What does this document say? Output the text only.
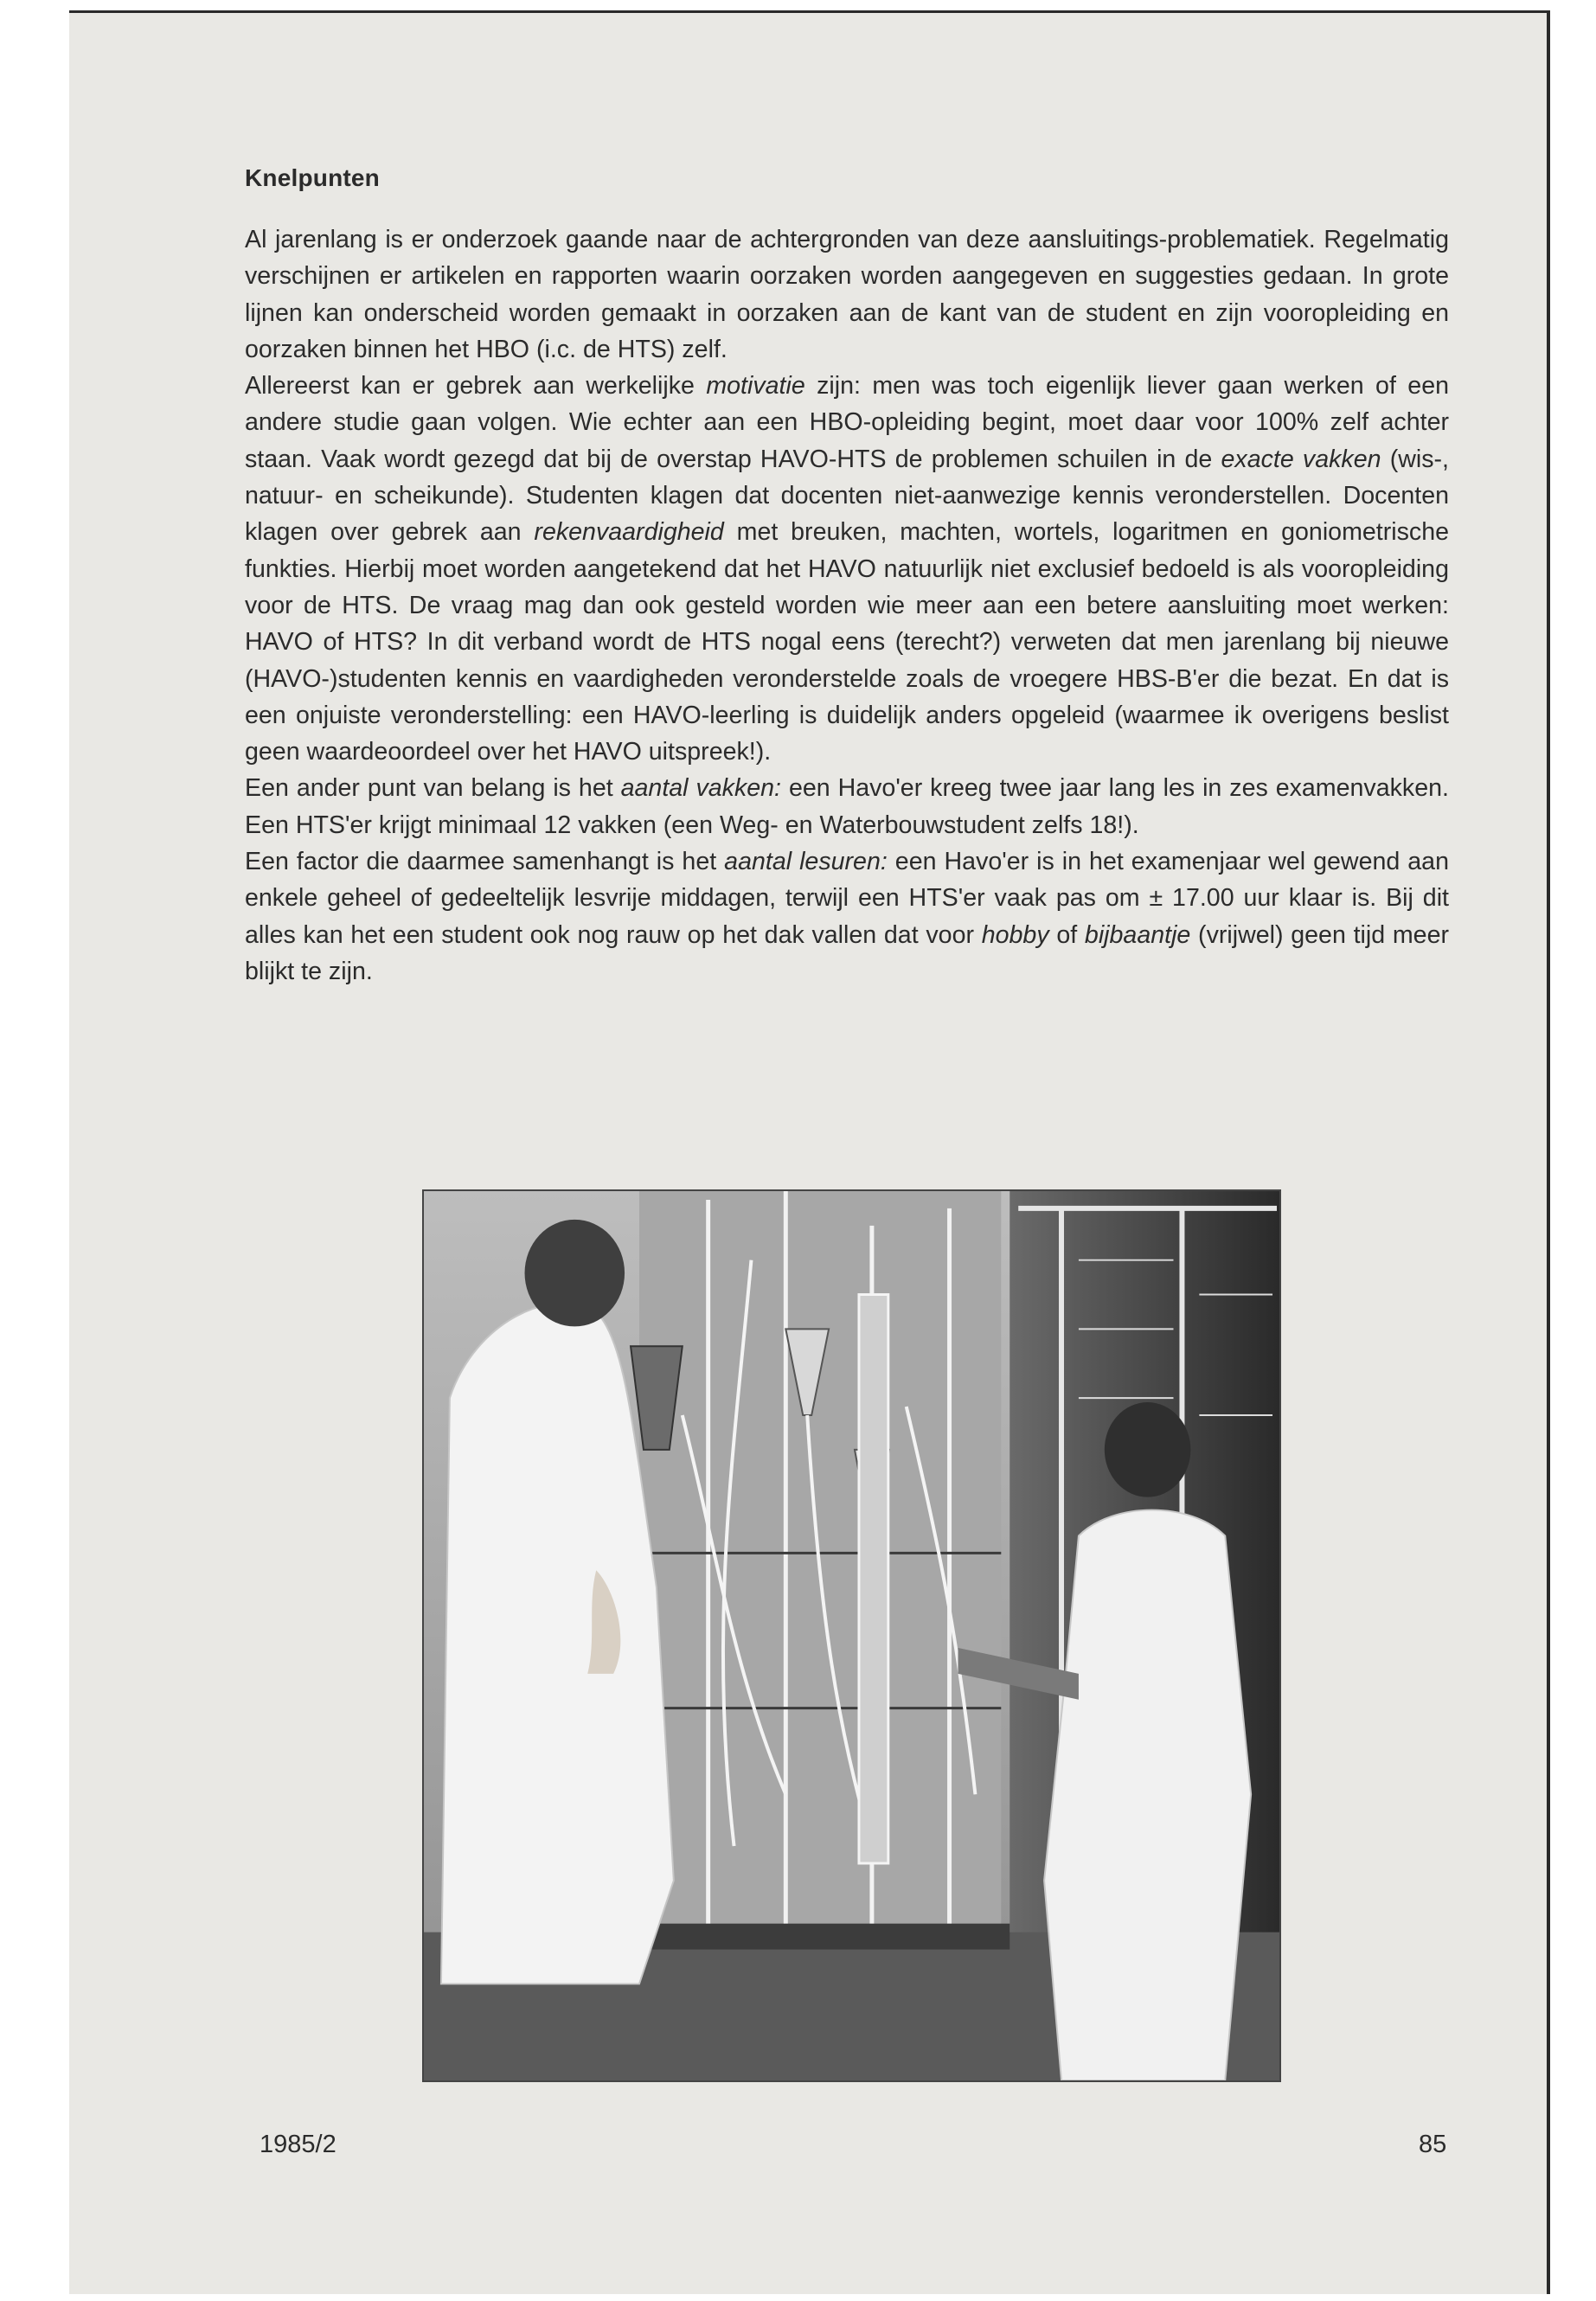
Knelpunten

Al jarenlang is er onderzoek gaande naar de achtergronden van deze aansluitings-problematiek. Regelmatig verschijnen er artikelen en rapporten waarin oorzaken worden aangegeven en suggesties gedaan. In grote lijnen kan onderscheid worden gemaakt in oorzaken aan de kant van de student en zijn vooropleiding en oorzaken binnen het HBO (i.c. de HTS) zelf.

Allereerst kan er gebrek aan werkelijke motivatie zijn: men was toch eigenlijk liever gaan werken of een andere studie gaan volgen. Wie echter aan een HBO-opleiding begint, moet daar voor 100% zelf achter staan. Vaak wordt gezegd dat bij de overstap HAVO-HTS de problemen schuilen in de exacte vakken (wis-, natuur- en scheikunde). Studenten klagen dat docenten niet-aanwezige kennis veronderstellen. Docenten klagen over gebrek aan rekenvaardigheid met breuken, machten, wortels, logaritmen en goniometrische funkties. Hierbij moet worden aangetekend dat het HAVO natuurlijk niet exclusief bedoeld is als vooropleiding voor de HTS. De vraag mag dan ook gesteld worden wie meer aan een betere aansluiting moet werken: HAVO of HTS? In dit verband wordt de HTS nogal eens (terecht?) verweten dat men jarenlang bij nieuwe (HAVO-)studenten kennis en vaardigheden veronderstelde zoals de vroegere HBS-B'er die bezat. En dat is een onjuiste veronderstelling: een HAVO-leerling is duidelijk anders opgeleid (waarmee ik overigens beslist geen waardeoordeel over het HAVO uitspreek!).

Een ander punt van belang is het aantal vakken: een Havo'er kreeg twee jaar lang les in zes examenvakken. Een HTS'er krijgt minimaal 12 vakken (een Weg- en Waterbouwstudent zelfs 18!).

Een factor die daarmee samenhangt is het aantal lesuren: een Havo'er is in het examenjaar wel gewend aan enkele geheel of gedeeltelijk lesvrije middagen, terwijl een HTS'er vaak pas om ± 17.00 uur klaar is. Bij dit alles kan het een student ook nog rauw op het dak vallen dat voor hobby of bijbaantje (vrijwel) geen tijd meer blijkt te zijn.

1985/2	85
